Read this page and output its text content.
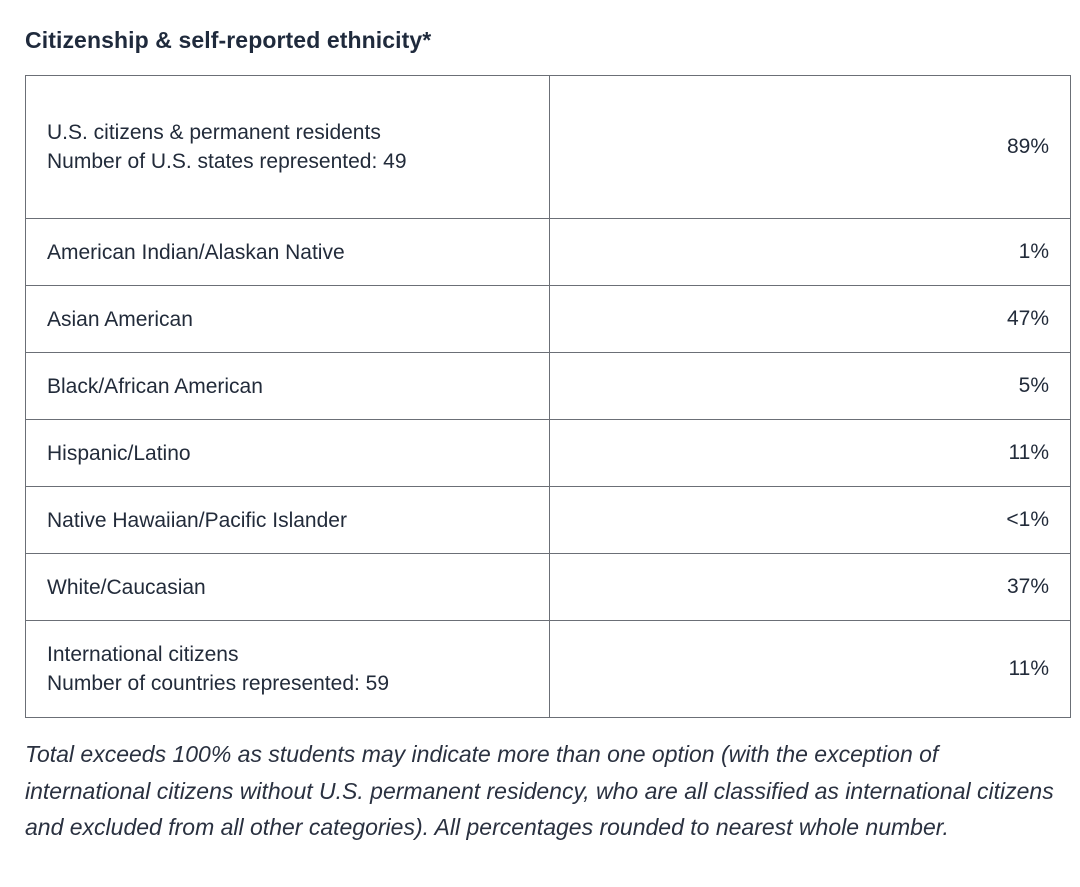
Citizenship & self-reported ethnicity*
U.S. citizens & permanent residents
Number of U.S. states represented: 49	89%
American Indian/Alaskan Native	1%
Asian American	47%
Black/African American	5%
Hispanic/Latino	11%
Native Hawaiian/Pacific Islander	<1%
White/Caucasian	37%

International citizens
Number of countries represented: 59	11%

Total exceeds 100% as students may indicate more than one option (with the exception of international citizens without U.S. permanent residency, who are all classified as international citizens and excluded from all other categories). All percentages rounded to nearest whole number.
